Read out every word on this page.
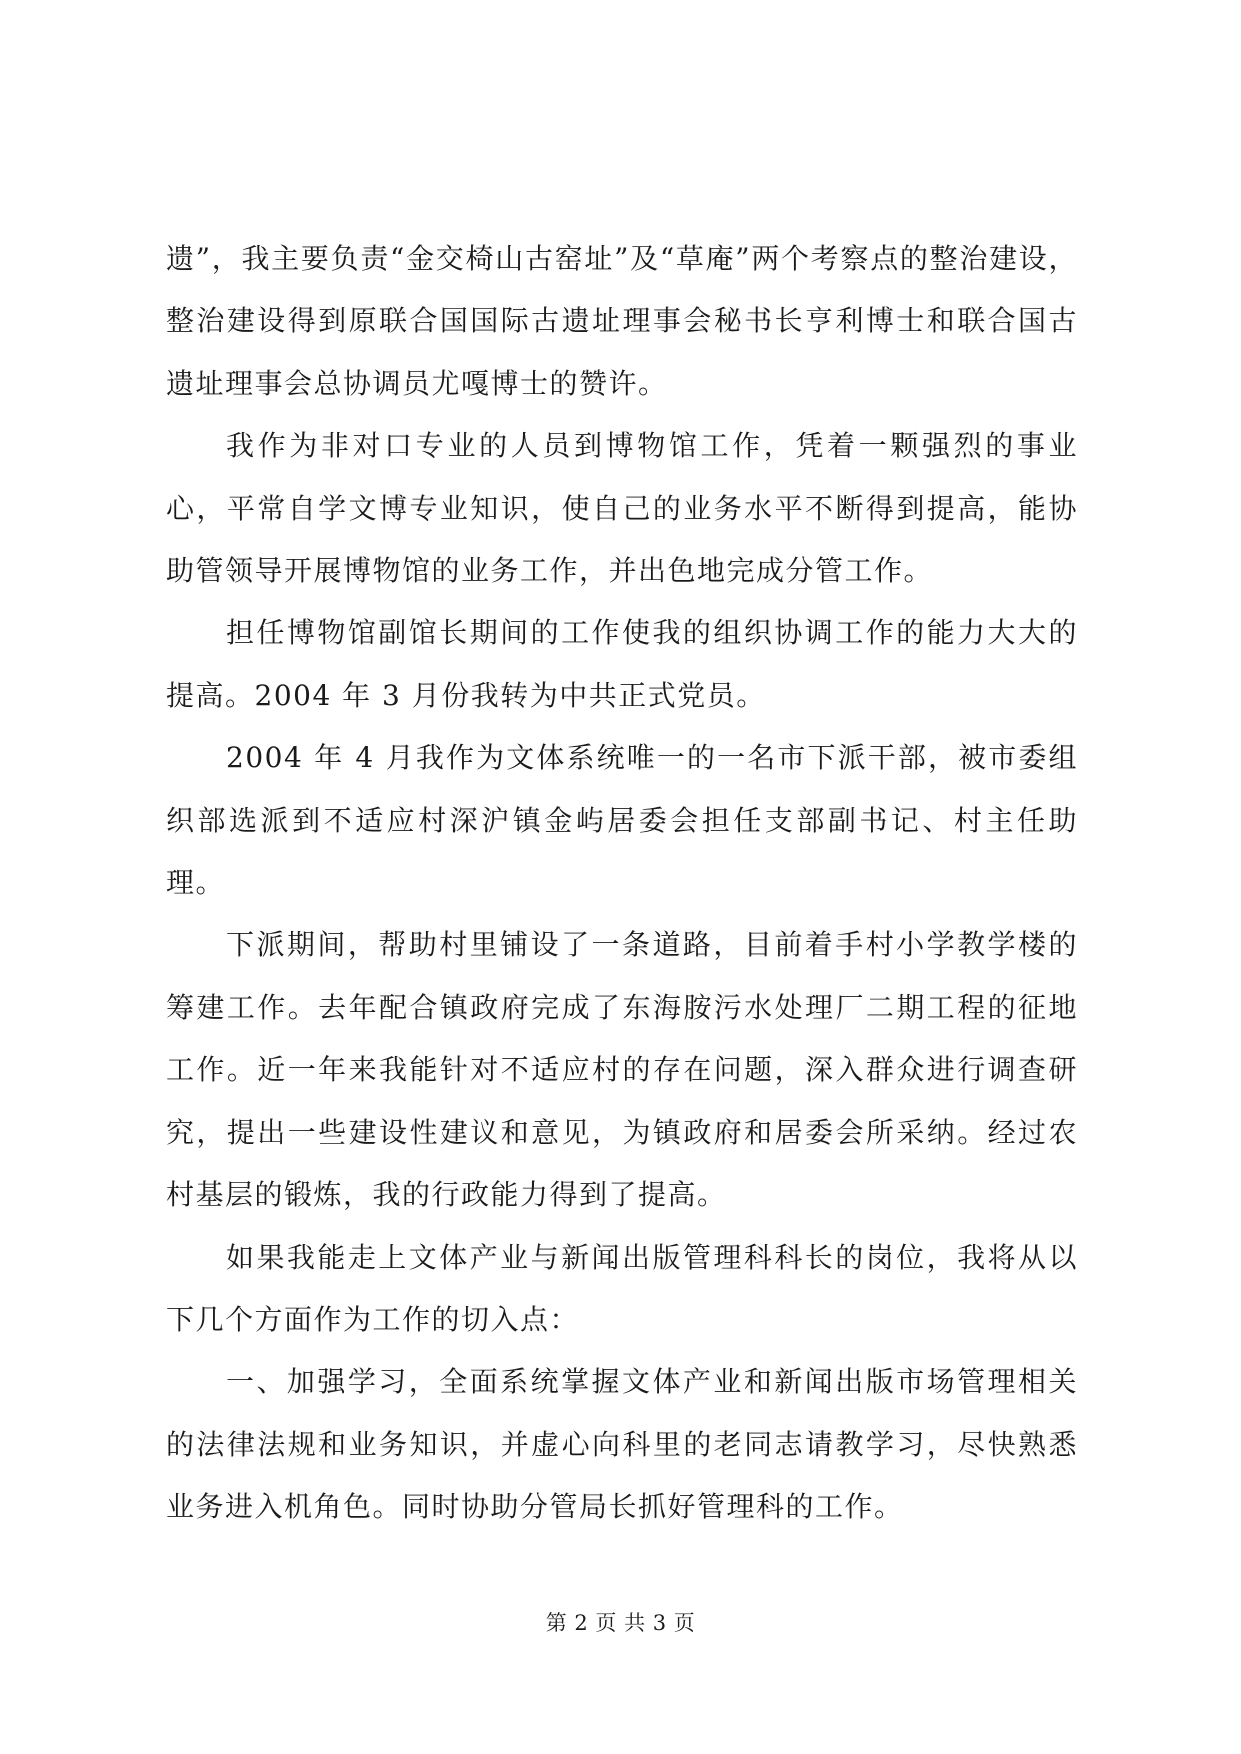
遗”，我主要负责“金交椅山古窑址”及“草庵”两个考察点的整治建设，整治建设得到原联合国国际古遗址理事会秘书长亨利博士和联合国古遗址理事会总协调员尤嘎博士的赞许。

我作为非对口专业的人员到博物馆工作，凭着一颗强烈的事业心，平常自学文博专业知识，使自己的业务水平不断得到提高，能协助管领导开展博物馆的业务工作，并出色地完成分管工作。

担任博物馆副馆长期间的工作使我的组织协调工作的能力大大的提高。2004 年 3 月份我转为中共正式党员。

2004 年 4 月我作为文体系统唯一的一名市下派干部，被市委组织部选派到不适应村深沪镇金屿居委会担任支部副书记、村主任助理。

下派期间，帮助村里铺设了一条道路，目前着手村小学教学楼的筹建工作。去年配合镇政府完成了东海胺污水处理厂二期工程的征地工作。近一年来我能针对不适应村的存在问题，深入群众进行调查研究，提出一些建设性建议和意见，为镇政府和居委会所采纳。经过农村基层的锻炼，我的行政能力得到了提高。

如果我能走上文体产业与新闻出版管理科科长的岗位，我将从以下几个方面作为工作的切入点：

一、加强学习，全面系统掌握文体产业和新闻出版市场管理相关的法律法规和业务知识，并虚心向科里的老同志请教学习，尽快熟悉业务进入机角色。同时协助分管局长抓好管理科的工作。

第 2 页 共 3 页
